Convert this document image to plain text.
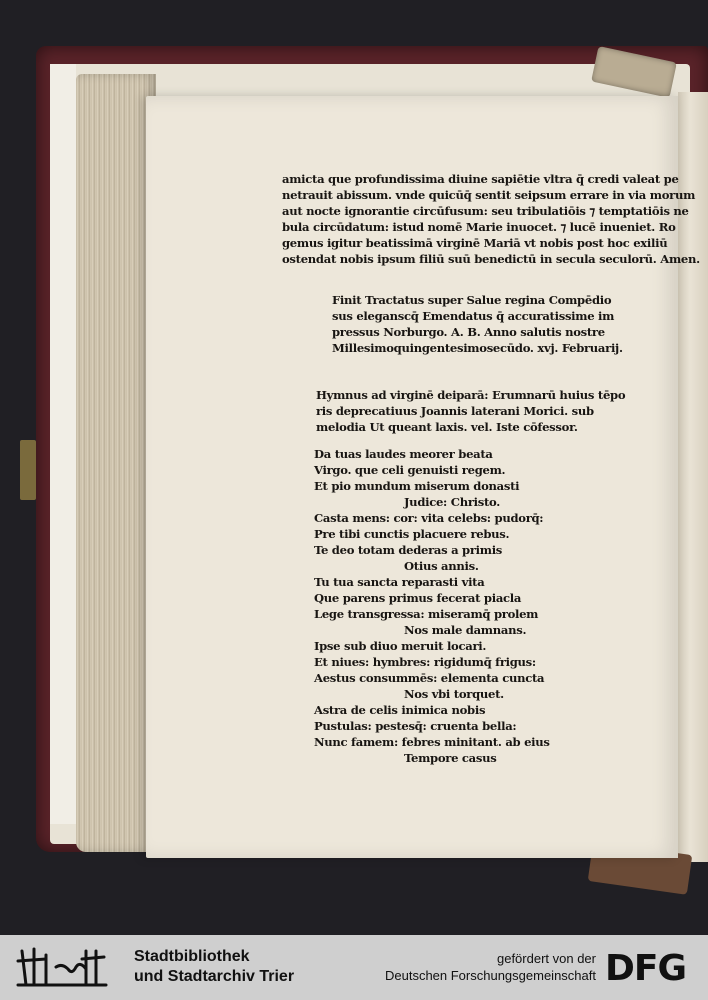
amicta que profundissima diuine sapiētie vltra q̄ credi valeat pe
netrauit abissum. vnde quicūq̄ sentit seipsum errare in via morum
aut nocte ignorantie circūfusum: seu tribulatiōis ⁊ temptatiōis ne
bula circūdatum: istud nomē Marie inuocet. ⁊ lucē inueniet. Ro
gemus igitur beatissimā virginē Mariā vt nobis post hoc exiliū
ostendat nobis ipsum filiū suū benedictū in secula seculorū. Amen.
Finit Tractatus super Salue regina Compēdio
sus eleganscq̄ Emendatus q̄ accuratissime im
pressus Norburgo. A. B. Anno salutis nostre
Millesimoquingentesimosecūdo. xvj. Februarij.
Hymnus ad virginē deiparā: Erumnarū huius tēpo
ris deprecatiuus Joannis laterani Morici. sub
melodia Ut queant laxis. vel. Iste cōfessor.
Da tuas laudes meorer beata
Virgo. que celi genuisti regem.
Et pio mundum miserum donasti
Judice: Christo.
Casta mens: cor: vita celebs: pudorq̄:
Pre tibi cunctis placuere rebus.
Te deo totam dederas a primis
Otius annis.
Tu tua sancta reparasti vita
Que parens primus fecerat piacla
Lege transgressa: miseramq̄ prolem
Nos male damnans.
Ipse sub diuo meruit locari.
Et niues: hymbres: rigidumq̄ frigus:
Aestus consummēs: elementa cuncta
Nos vbi torquet.
Astra de celis inimica nobis
Pustulas: pestesq̄: cruenta bella:
Nunc famem: febres minitant. ab eius
Tempore casus
Stadtbibliothek
und Stadtarchiv Trier
gefördert von der
Deutschen Forschungsgemeinschaft DFG
